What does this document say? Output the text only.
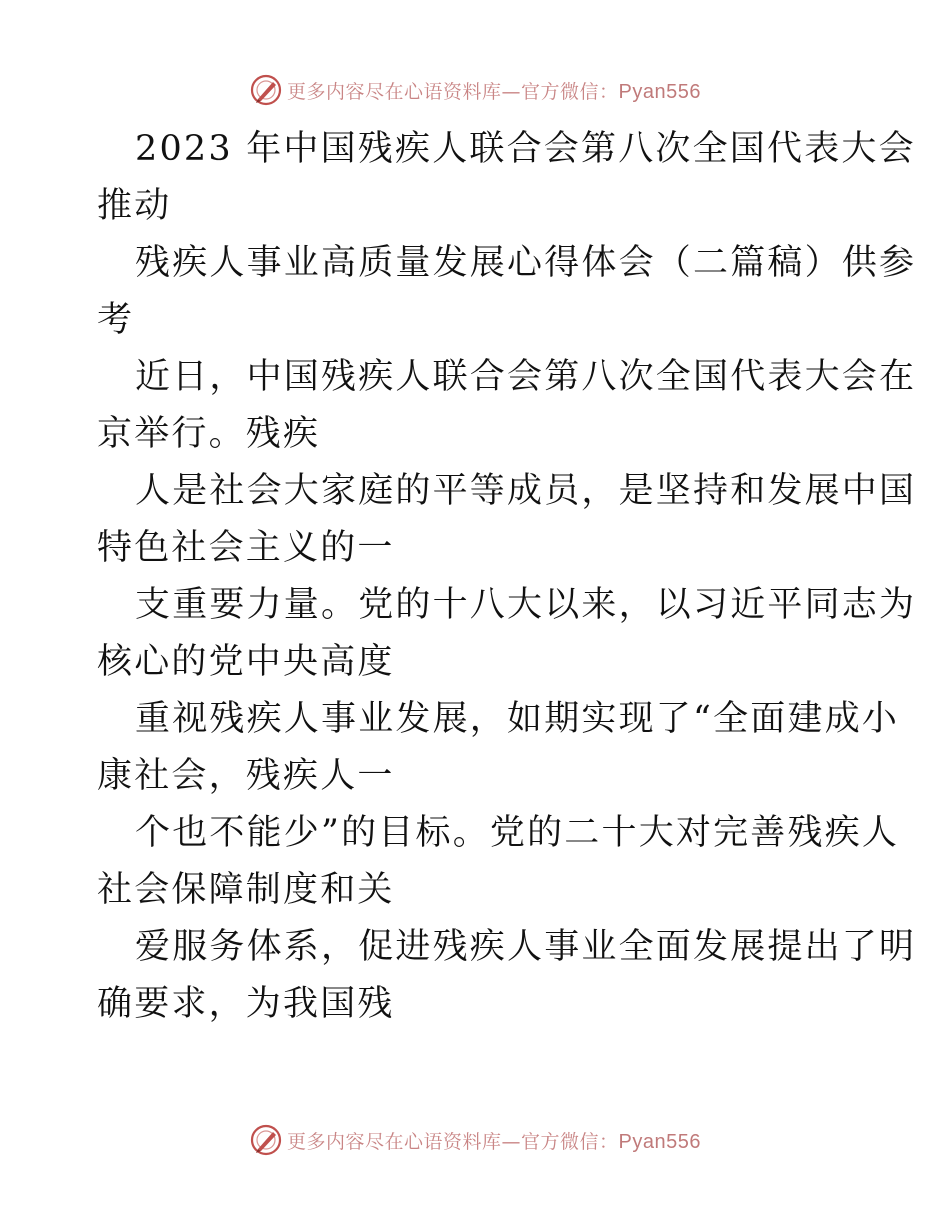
更多内容尽在心语资料库—官方微信：Pyan556

2023 年中国残疾人联合会第八次全国代表大会
推动

残疾人事业高质量发展心得体会（二篇稿）供参
考

近日，中国残疾人联合会第八次全国代表大会在
京举行。残疾

人是社会大家庭的平等成员，是坚持和发展中国
特色社会主义的一

支重要力量。党的十八大以来，以习近平同志为
核心的党中央高度

重视残疾人事业发展，如期实现了“全面建成小
康社会，残疾人一

个也不能少”的目标。党的二十大对完善残疾人
社会保障制度和关

爱服务体系，促进残疾人事业全面发展提出了明
确要求，为我国残

更多内容尽在心语资料库—官方微信：Pyan556
